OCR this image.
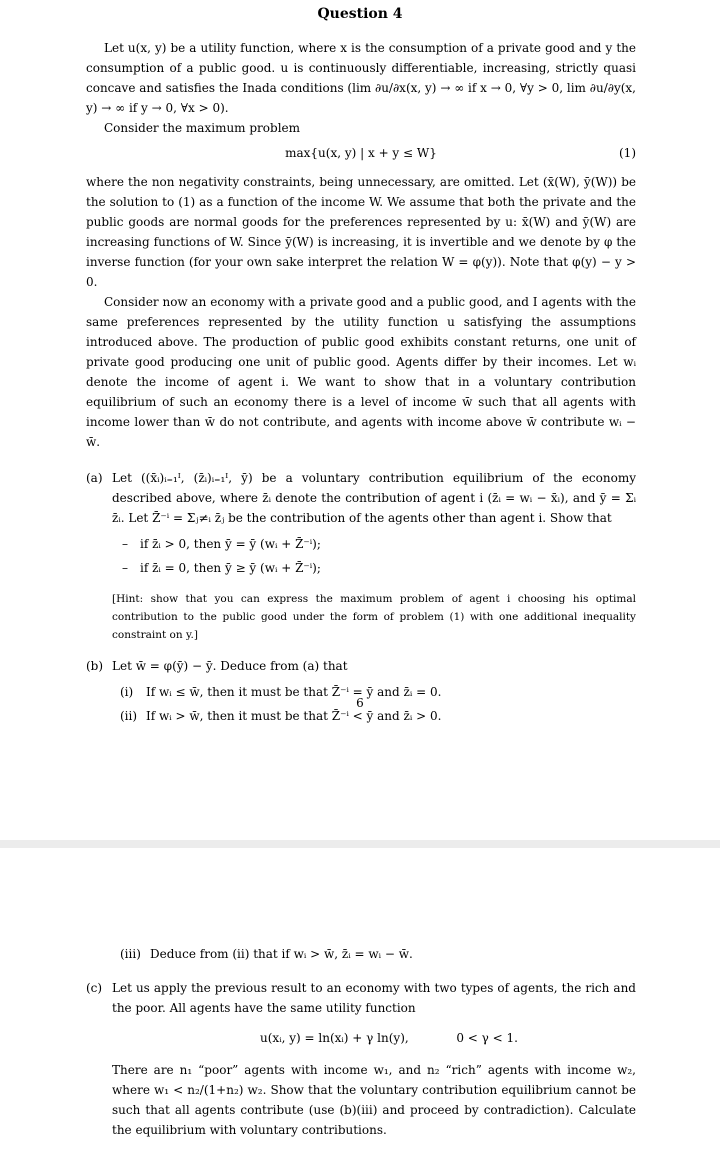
Question 4

Let u(x, y) be a utility function, where x is the consumption of a private good and y the consumption of a public good. u is continuously differentiable, increasing, strictly quasi concave and satisfies the Inada conditions (lim ∂u/∂x(x, y) → ∞ if x → 0, ∀y > 0, lim ∂u/∂y(x, y) → ∞ if y → 0, ∀x > 0).

Consider the maximum problem

max{u(x, y) | x + y ≤ W}	(1)

where the non negativity constraints, being unnecessary, are omitted. Let (x̄(W), ȳ(W)) be the solution to (1) as a function of the income W. We assume that both the private and the public goods are normal goods for the preferences represented by u: x̄(W) and ȳ(W) are increasing functions of W. Since ȳ(W) is increasing, it is invertible and we denote by φ the inverse function (for your own sake interpret the relation W = φ(y)). Note that φ(y) − y > 0.

Consider now an economy with a private good and a public good, and I agents with the same preferences represented by the utility function u satisfying the assumptions introduced above. The production of public good exhibits constant returns, one unit of private good producing one unit of public good. Agents differ by their incomes. Let wᵢ denote the income of agent i. We want to show that in a voluntary contribution equilibrium of such an economy there is a level of income w̄ such that all agents with income lower than w̄ do not contribute, and agents with income above w̄ contribute wᵢ − w̄.

(a) Let ((x̄ᵢ)ᵢ₌₁ᴵ, (z̄ᵢ)ᵢ₌₁ᴵ, ȳ) be a voluntary contribution equilibrium of the economy described above, where z̄ᵢ denote the contribution of agent i (z̄ᵢ = wᵢ − x̄ᵢ), and ȳ = Σᵢ z̄ᵢ. Let Z̄⁻ⁱ = Σⱼ≠ᵢ z̄ⱼ be the contribution of the agents other than agent i. Show that
–	if z̄ᵢ > 0, then ȳ = ȳ (wᵢ + Z̄⁻ⁱ);
–	if z̄ᵢ = 0, then ȳ ≥ ȳ (wᵢ + Z̄⁻ⁱ);
[Hint: show that you can express the maximum problem of agent i choosing his optimal contribution to the public good under the form of problem (1) with one additional inequality constraint on y.]
(b) Let w̄ = φ(ȳ) − ȳ. Deduce from (a) that
(i)	If wᵢ ≤ w̄, then it must be that Z̄⁻ⁱ = ȳ and z̄ᵢ = 0.
(ii) If wᵢ > w̄, then it must be that Z̄⁻ⁱ < ȳ and z̄ᵢ > 0.
6
(iii) Deduce from (ii) that if wᵢ > w̄, z̄ᵢ = wᵢ − w̄.
(c) Let us apply the previous result to an economy with two types of agents, the rich and the poor. All agents have the same utility function
u(xᵢ, y) = ln(xᵢ) + γ ln(y),	0 < γ < 1.
There are n₁ “poor” agents with income w₁, and n₂ “rich” agents with income w₂, where w₁ < n₂/(1+n₂) w₂. Show that the voluntary contribution equilibrium cannot be such that all agents contribute (use (b)(iii) and proceed by contradiction). Calculate the equilibrium with voluntary contributions.
